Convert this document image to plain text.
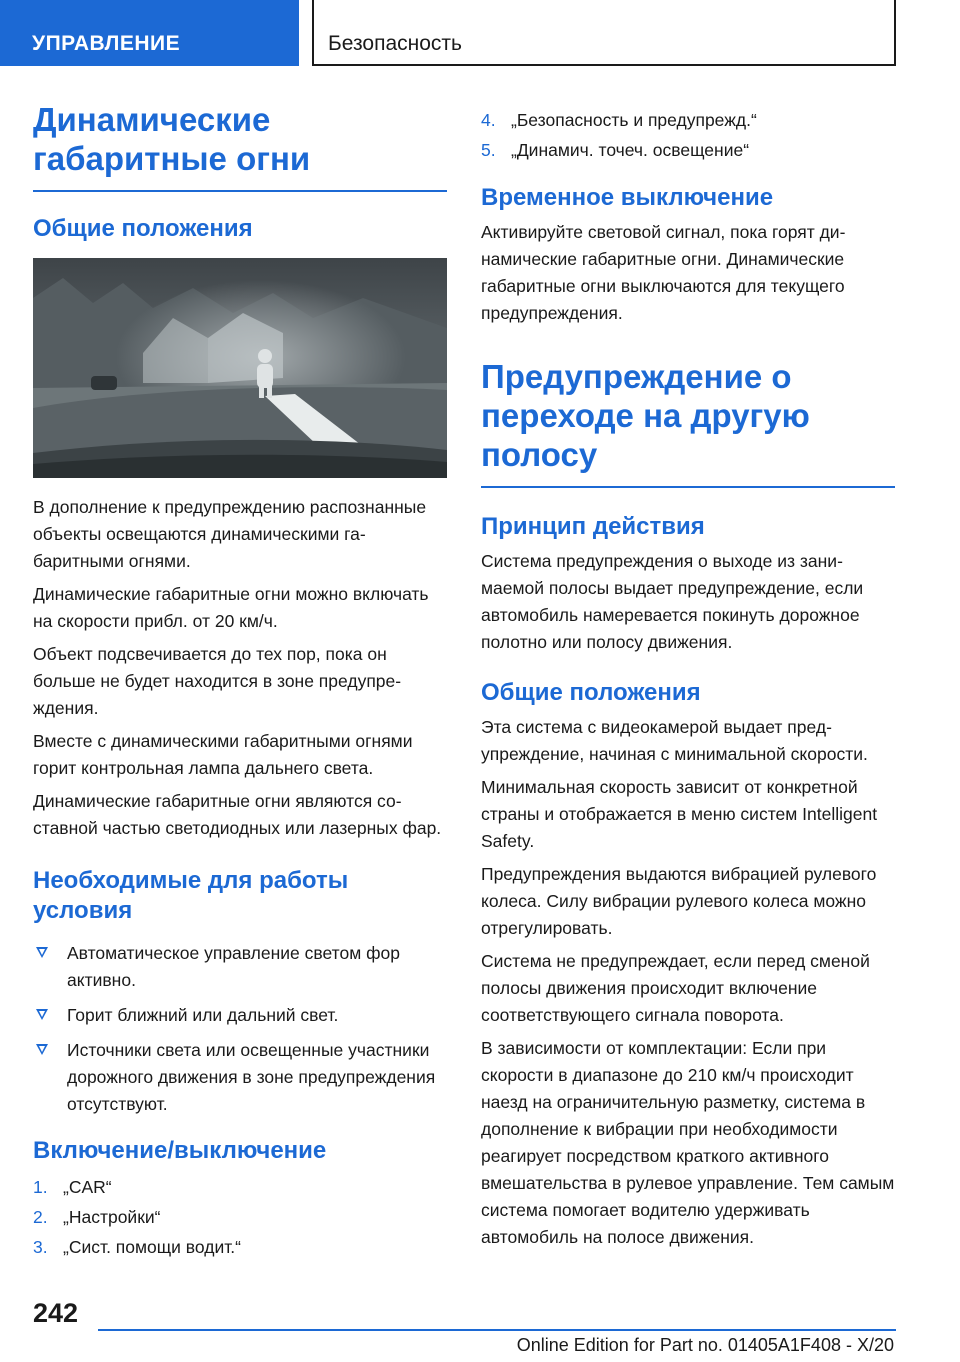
УПРАВЛЕНИЕ	Безопасность
Динамические габаритные огни
Общие положения

В дополнение к предупреждению распознанные объекты освещаются динамическими габаритными огнями.

Динамические габаритные огни можно включать на скорости прибл. от 20 км/ч.

Объект подсвечивается до тех пор, пока он больше не будет находится в зоне предупреждения.

Вместе с динамическими габаритными огнями горит контрольная лампа дальнего света.

Динамические габаритные огни являются составной частью светодиодных или лазерных фар.

Необходимые для работы условия
Автоматическое управление светом фор активно.
Горит ближний или дальний свет.
Источники света или освещенные участники дорожного движения в зоне предупреждения отсутствуют.
Включение/выключение
1. „CAR“
2. „Настройки“
3. „Сист. помощи водит.“
4. „Безопасность и предупрежд.“
5. „Динамич. точеч. освещение“
Временное выключение

Активируйте световой сигнал, пока горят динамические габаритные огни. Динамические габаритные огни выключаются для текущего предупреждения.

Предупреждение о переходе на другую полосу
Принцип действия

Система предупреждения о выходе из занимаемой полосы выдает предупреждение, если автомобиль намеревается покинуть дорожное полотно или полосу движения.

Общие положения

Эта система с видеокамерой выдает предупреждение, начиная с минимальной скорости.

Минимальная скорость зависит от конкретной страны и отображается в меню систем Intelligent Safety.

Предупреждения выдаются вибрацией рулевого колеса. Силу вибрации рулевого колеса можно отрегулировать.

Система не предупреждает, если перед сменой полосы движения происходит включение соответствующего сигнала поворота.

В зависимости от комплектации: Если при скорости в диапазоне до 210 км/ч происходит наезд на ограничительную разметку, система в дополнение к вибрации при необходимости реагирует посредством краткого активного вмешательства в рулевое управление. Тем самым система помогает водителю удерживать автомобиль на полосе движения.

242
Online Edition for Part no. 01405A1F408 - X/20
